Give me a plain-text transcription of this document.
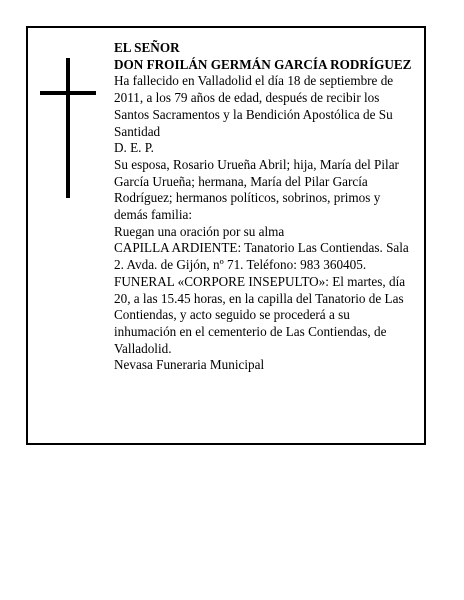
EL SEÑOR

DON FROILÁN GERMÁN GARCÍA RODRÍGUEZ

Ha fallecido en Valladolid el día 18 de septiembre de 2011, a los 79 años de edad, después de recibir los Santos Sacramentos y la Bendición Apostólica de Su Santidad

D. E. P.

Su esposa, Rosario Urueña Abril; hija, María del Pilar García Urueña; hermana, María del Pilar García Rodríguez; hermanos políticos, sobrinos, primos y demás familia:

Ruegan una oración por su alma

CAPILLA ARDIENTE: Tanatorio Las Contiendas. Sala 2. Avda. de Gijón, nº 71. Teléfono: 983 360405.

FUNERAL «CORPORE INSEPULTO»: El martes, día 20, a las 15.45 horas, en la capilla del Tanatorio de Las Contiendas, y acto seguido se procederá a su inhumación en el cementerio de Las Contiendas, de Valladolid.

Nevasa Funeraria Municipal
